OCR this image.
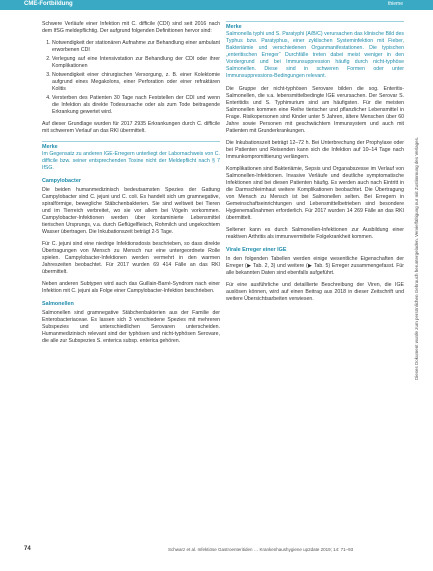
CME-Fortbildung	thieme

Schwere Verläufe einer Infektion mit C. difficile (CDI) sind seit 2016 nach dem IfSG meldepflichtig. Der aufgrund folgenden Definitionen hervor sind:

1. Notwendigkeit der stationären Aufnahme zur Behandlung einer ambulant erworbenen CDI
2. Verlegung auf eine Intensivstation zur Behandlung der CDI oder ihrer Komplikationen
3. Notwendigkeit einer chirurgischen Versorgung, z. B. einer Kolektomie aufgrund eines Megakolons, einer Perforation oder einer refraktären Kolitis
4. Versterben des Patienten 30 Tage nach Feststellen der CDI und wenn die Infektion als direkte Todesursache oder als zum Tode beitragende Erkrankung gewertet wird.

Auf dieser Grundlage wurden für 2017 2935 Erkrankungen durch C. difficile mit schwerem Verlauf an das RKI übermittelt.

Merke
Im Gegensatz zu anderen IGE-Erregern unterliegt der Labornachweis von C. difficile bzw. seiner entsprechenden Toxine nicht der Meldepflicht nach § 7 IfSG.
Campylobacter

Die beiden humanmedizinisch bedeutsamsten Spezies der Gattung Campylobacter sind C. jejuni und C. coli. Es handelt sich um gramnegative, spiralförmige, bewegliche Stäbchenbakterien. Sie sind weltweit bei Tieren und im Tierreich verbreitet, wo sie vor allem bei Vögeln vorkommen. Campylobacter-Infektionen werden über kontaminierte Lebensmittel tierischen Ursprungs, v.a. durch Geflügelfleisch, Rohmilch und ungekochtem Wasser übertragen. Die Inkubationszeit beträgt 2-5 Tage.

Für C. jejuni sind eine niedrige Infektionsdosis beschrieben, so dass direkte Übertragungen von Mensch zu Mensch nur eine untergeordnete Rolle spielen. Campylobacter-Infektionen werden vermehrt in den warmen Jahreszeiten beobachtet. Für 2017 wurden 69 414 Fälle an das RKI übermittelt.

Neben anderen Subtypen wird auch das Guillain-Barré-Syndrom nach einer Infektion mit C. jejuni als Folge einer Campylobacter-Infektion beschrieben.

Salmonellen

Salmonellen sind gramnegative Stäbchenbakterien aus der Familie der Enterobacteriaceae. Es lassen sich 3 verschiedene Spezies mit mehreren Subspezies und unterschiedlichen Serovaren unterscheiden. Humanmedizinisch relevant sind der typhösen und nicht-typhösen Serovare, die alle zur Subspezies S. enterica subsp. enterica gehören.

Merke
Salmonella typhi und S. Paratyphi (A/B/C) verursachen das klinische Bild des Typhus bzw. Paratyphus, einer zyklischen Systeminfektion mit Fieber, Bakteriämie und verschiedenen Organmanifestationen. Die typischen „enteritischen Erreger“ Durchfälle treten dabei meist weniger in den Vordergrund und bei Immunsuppression häufig durch nicht-typhöse Salmonellen. Diese sind in schweren Formen oder unter Immunsuppressions-Bedingungen relevant.

Die Gruppe der nicht-typhösen Serovare bilden die sog. Enteritis-Salmonellen, die v.a. lebensmittelbedingte IGE verursachen. Der Serovar S. Enteritidis und S. Typhimurium sind am häufigsten. Für die meisten Salmonellen kommen eine Reihe tierischer und pflanzlicher Lebensmittel in Frage. Risikopersonen sind Kinder unter 5 Jahren, ältere Menschen über 60 Jahre sowie Personen mit geschwächtem Immunsystem und auch mit Patienten mit Grunderkrankungen.

Die Inkubationszeit beträgt 12–72 h. Bei Unterbrechung der Prophylaxe oder bei Patienten und Reisenden kann sich die Infektion auf 10–14 Tage nach Immunkompromittierung verlängern.

Komplikationen sind Bakteriämie, Sepsis und Organabszesse im Verlauf von Salmonellen-Infektionen. Invasive Verläufe und deutliche symptomatische Infektionen sind bei diesen Patienten häufig. Es werden auch nach Eintritt in die Darmschleimhaut weitere Komplikationen beobachtet. Die Übertragung von Mensch zu Mensch ist bei Salmonellen selten. Bei Erregern in Gemeinschaftseinrichtungen und Lebensmittelbetrieben sind besondere Hygienemaßnahmen erforderlich. Für 2017 wurden 14 269 Fälle an das RKI übermittelt.

Seltener kann es durch Salmonellen-Infektionen zur Ausbildung einer reaktiven Arthritis als immunvermittelte Folgekrankheit kommen.

Virale Erreger einer IGE

In den folgenden Tabellen werden einige wesentliche Eigenschaften der Erreger (▶ Tab. 2, 3) und weitere (▶ Tab. 5) Erreger zusammengefasst. Für alle bekannten Daten sind ebenfalls aufgeführt.

Für eine ausführliche und detaillierte Beschreibung der Viren, die IGE auslösen können, wird auf einen Beitrag aus 2018 in dieser Zeitschrift und weitere Übersichtsarbeiten verwiesen.	Dieses Dokument wurde zum persönlichen Gebrauch heruntergeladen. Vervielfältigung nur mit Zustimmung des Verlages.
74	Schwarz et al. Infektiöse Gastroenteritiden … Krankenhaushygiene up2date 2019; 14: 71–93
